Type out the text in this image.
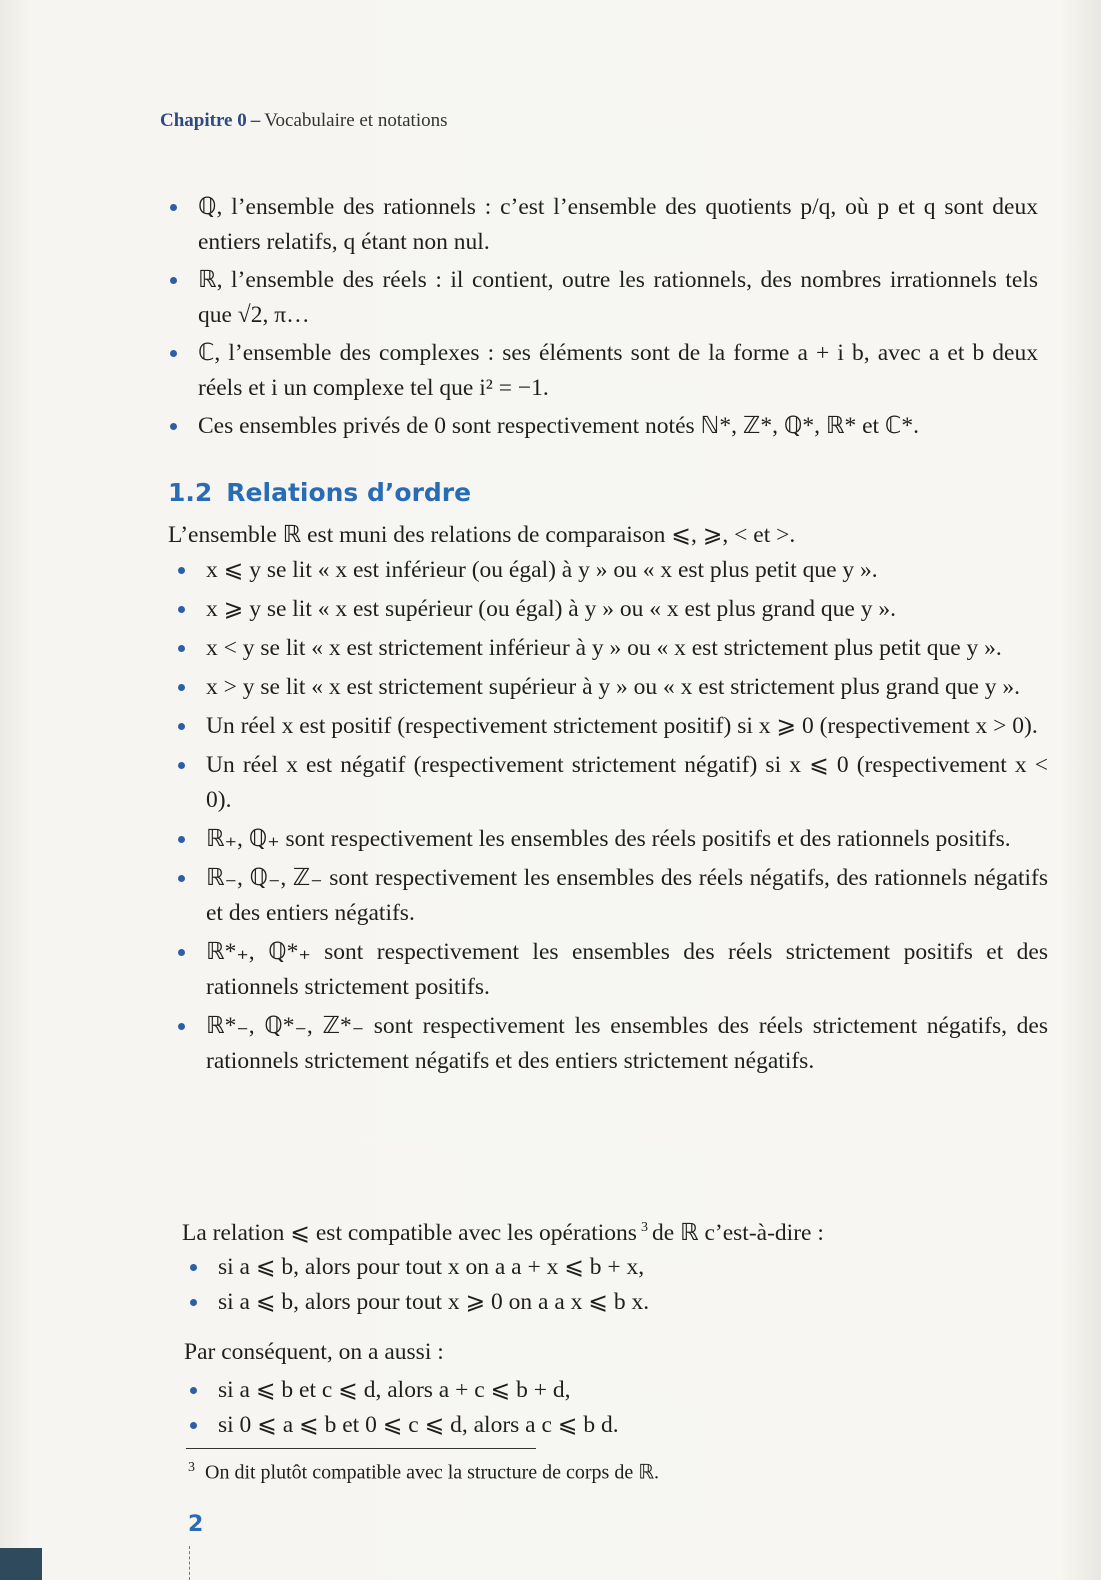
Chapitre 0 – Vocabulaire et notations
ℚ, l’ensemble des rationnels : c’est l’ensemble des quotients p/q, où p et q sont deux entiers relatifs, q étant non nul.
ℝ, l’ensemble des réels : il contient, outre les rationnels, des nombres irrationnels tels que √2, π…
ℂ, l’ensemble des complexes : ses éléments sont de la forme a + i b, avec a et b deux réels et i un complexe tel que i² = −1.
Ces ensembles privés de 0 sont respectivement notés ℕ*, ℤ*, ℚ*, ℝ* et ℂ*.
1.2 Relations d’ordre
L’ensemble ℝ est muni des relations de comparaison ⩽, ⩾, < et >.
x ⩽ y se lit « x est inférieur (ou égal) à y » ou « x est plus petit que y ».
x ⩾ y se lit « x est supérieur (ou égal) à y » ou « x est plus grand que y ».
x < y se lit « x est strictement inférieur à y » ou « x est strictement plus petit que y ».
x > y se lit « x est strictement supérieur à y » ou « x est strictement plus grand que y ».
Un réel x est positif (respectivement strictement positif) si x ⩾ 0 (respectivement x > 0).
Un réel x est négatif (respectivement strictement négatif) si x ⩽ 0 (respectivement x < 0).
ℝ₊, ℚ₊ sont respectivement les ensembles des réels positifs et des rationnels positifs.
ℝ₋, ℚ₋, ℤ₋ sont respectivement les ensembles des réels négatifs, des rationnels négatifs et des entiers négatifs.
ℝ*₊, ℚ*₊ sont respectivement les ensembles des réels strictement positifs et des rationnels strictement positifs.
ℝ*₋, ℚ*₋, ℤ*₋ sont respectivement les ensembles des réels strictement négatifs, des rationnels strictement négatifs et des entiers strictement négatifs.
La relation ⩽ est compatible avec les opérations $^3$ de ℝ c’est-à-dire :
si a ⩽ b, alors pour tout x on a a + x ⩽ b + x,
si a ⩽ b, alors pour tout x ⩾ 0 on a a x ⩽ b x.
Par conséquent, on a aussi :
si a ⩽ b et c ⩽ d, alors a + c ⩽ b + d,
si 0 ⩽ a ⩽ b et 0 ⩽ c ⩽ d, alors a c ⩽ b d.
$^3$ On dit plutôt compatible avec la structure de corps de ℝ.
2
